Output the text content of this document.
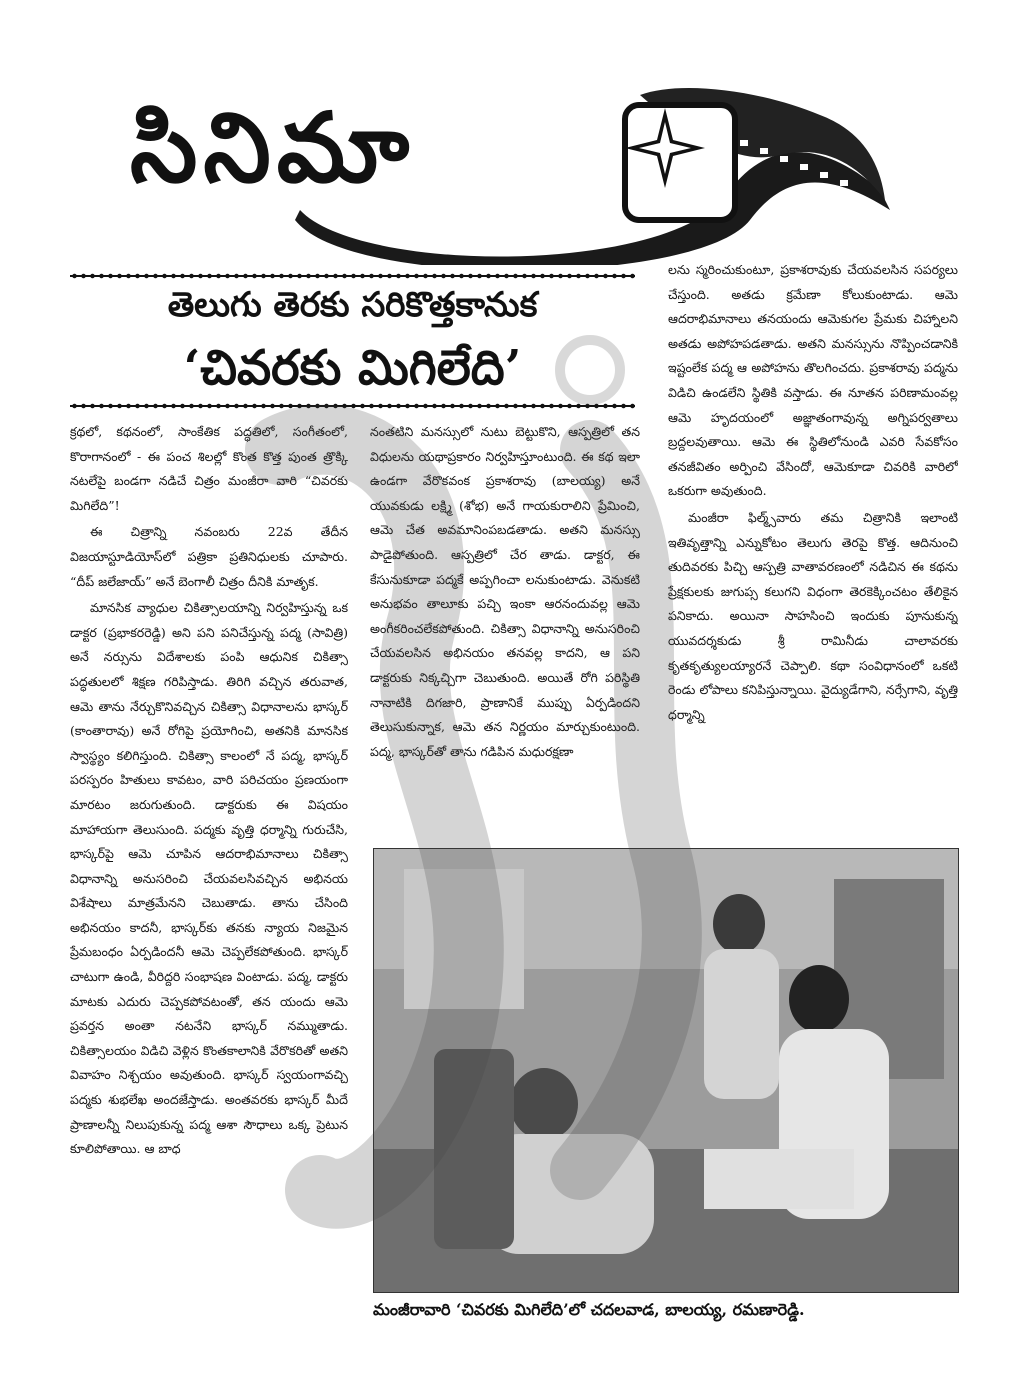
సినిమా
తెలుగు తెరకు సరికొత్తకానుక
‘చివరకు మిగిలేది’

క్రథలో, కథనంలో, సాంకేతిక పద్ధతిలో, సంగీతంలో, కొరాగానంలో - ఈ పంచ శిలల్లో కొంత కొత్త పుంత త్రొక్కి నటలేపై బండగా నడిచే చిత్రం మంజీరా వారి “చివరకు మిగిలేది”!

ఈ చిత్రాన్ని నవంబరు 22వ తేదీన విజయాస్టూడియోస్‌లో పత్రికా ప్రతినిధులకు చూపారు. “దీప్ జలేజాయ్” అనే బెంగాలీ చిత్రం దీనికి మాతృక.

మానసిక వ్యాధుల చికిత్సాలయాన్ని నిర్వహిస్తున్న ఒక డాక్టర (ప్రభాకరరెడ్డి) అని పని పనిచేస్తున్న పద్మ (సావిత్రి) అనే నర్సును విదేశాలకు పంపి ఆధునిక చికిత్సా పద్ధతులలో శిక్షణ గరిపిస్తాడు. తిరిగి వచ్చిన తరువాత, ఆమె తాను నేర్చుకొనివచ్చిన చికిత్సా విధానాలను భాస్కర్ (కాంతారావు) అనే రోగిపై ప్రయోగించి, అతనికి మానసిక స్వాస్థ్యం కలిగిస్తుంది. చికిత్సా కాలంలో నే పద్మ, భాస్కర్ పరస్పరం హితులు కావటం, వారి పరిచయం ప్రణయంగా మారటం జరుగుతుంది. డాక్టరుకు ఈ విషయం మాహాయగా తెలుసుంది. పద్మకు వృత్తి ధర్మాన్ని గురుచేసి, భాస్కర్‌పై ఆమె చూపిన ఆదరాభిమానాలు చికిత్సా విధానాన్ని అనుసరించి చేయవలసివచ్చిన అభినయ విశేషాలు మాత్రమేనని చెబుతాడు. తాను చేసింది అభినయం కాదనీ, భాస్కర్‌కు తనకు న్యాయ నిజమైన ప్రేమబంధం ఏర్పడిందనీ ఆమె చెప్పలేకపోతుంది. భాస్కర్ చాటుగా ఉండి, వీరిద్దరి సంభాషణ వింటాడు. పద్మ, డాక్టరు మాటకు ఎదురు చెప్పకపోవటంతో, తన యందు ఆమె ప్రవర్తన అంతా నటనేని భాస్కర్ నమ్ముతాడు. చికిత్సాలయం విడిచి వెళ్లిన కొంతకాలానికి వేరొకరితో అతని వివాహం నిశ్చయం అవుతుంది. భాస్కర్ స్వయంగావచ్చి పద్మకు శుభలేఖ అందజేస్తాడు. అంతవరకు భాస్కర్ మీదే ప్రాణాలన్నీ నిలుపుకున్న పద్మ ఆశా సౌధాలు ఒక్క ప్రెటున కూలిపోతాయి. ఆ బాధ

నంతటిని మనస్సులో నుటు బెట్టుకొని, ఆస్పత్రిలో తన విధులను యథాప్రకారం నిర్వహిస్తూంటుంది. ఈ కథ ఇలా ఉండగా వేరొకవంక ప్రకాశరావు (బాలయ్య) అనే యువకుడు లక్ష్మి (శోభ) అనే గాయకురాలిని ప్రేమించి, ఆమె చేత అవమానింపబడతాడు. అతని మనస్సు పాడైపోతుంది. ఆస్పత్రిలో చేర తాడు. డాక్టర, ఈ కేసునుకూడా పద్మకే అప్పగించా లనుకుంటాడు. వెనుకటి అనుభవం తాలూకు పచ్చి ఇంకా ఆరనందువల్ల ఆమె అంగీకరించలేకపోతుంది. చికిత్సా విధానాన్ని అనుసరించి చేయవలసిన అభినయం తనవల్ల కాదని, ఆ పని డాక్టరుకు నిక్కచ్చిగా చెబుతుంది. అయితే రోగి పరిస్థితి నానాటికి దిగజారి, ప్రాణానికే ముప్పు ఏర్పడిందని తెలుసుకున్నాక, ఆమె తన నిర్ణయం మార్చుకుంటుంది. పద్మ, భాస్కర్‌తో తాను గడిపిన మధురక్షణా

లను స్మరించుకుంటూ, ప్రకాశరావుకు చేయవలసిన సపర్యలు చేస్తుంది. అతడు క్రమేణా కోలుకుంటాడు. ఆమె ఆదరాభిమానాలు తనయందు ఆమెకుగల ప్రేమకు చిహ్నాలని అతడు అపోహపడతాడు. అతని మనస్సును నొప్పించడానికి ఇష్టంలేక పద్మ ఆ అపోహను తొలగించదు. ప్రకాశరావు పద్మను విడిచి ఉండలేని స్థితికి వస్తాడు. ఈ నూతన పరిణామంవల్ల ఆమె హృదయంలో అజ్ఞాతంగావున్న అగ్నిపర్వతాలు బ్రద్దలవుతాయి. ఆమె ఈ స్థితిలోనుండి ఎవరి సేవకోసం తనజీవితం అర్పించి వేసిందో, ఆమెకూడా చివరికి వారిలో ఒకరుగా అవుతుంది.

మంజీరా ఫిల్మ్స్‌వారు తమ చిత్రానికి ఇలాంటి ఇతివృత్తాన్ని ఎన్నుకోటం తెలుగు తెరపై కొత్త. ఆదినుంచి తుదివరకు పిచ్చి ఆస్పత్రి వాతావరణంలో నడిచిన ఈ కథను ప్రేక్షకులకు జుగుప్స కలుగని విధంగా తెరకెక్కించటం తేలికైన పనికాదు. అయినా సాహసించి ఇందుకు పూనుకున్న యువదర్శకుడు శ్రీ రామినీడు చాలావరకు కృతకృత్యులయ్యారనే చెప్పాలి. కథా సంవిధానంలో ఒకటి రెండు లోపాలు కనిపిస్తున్నాయి. వైద్యుడేగాని, నర్సేగాని, వృత్తి ధర్మాన్ని

మంజీరావారి ‘చివరకు మిగిలేది’లో చదలవాడ, బాలయ్య, రమణారెడ్డి.
